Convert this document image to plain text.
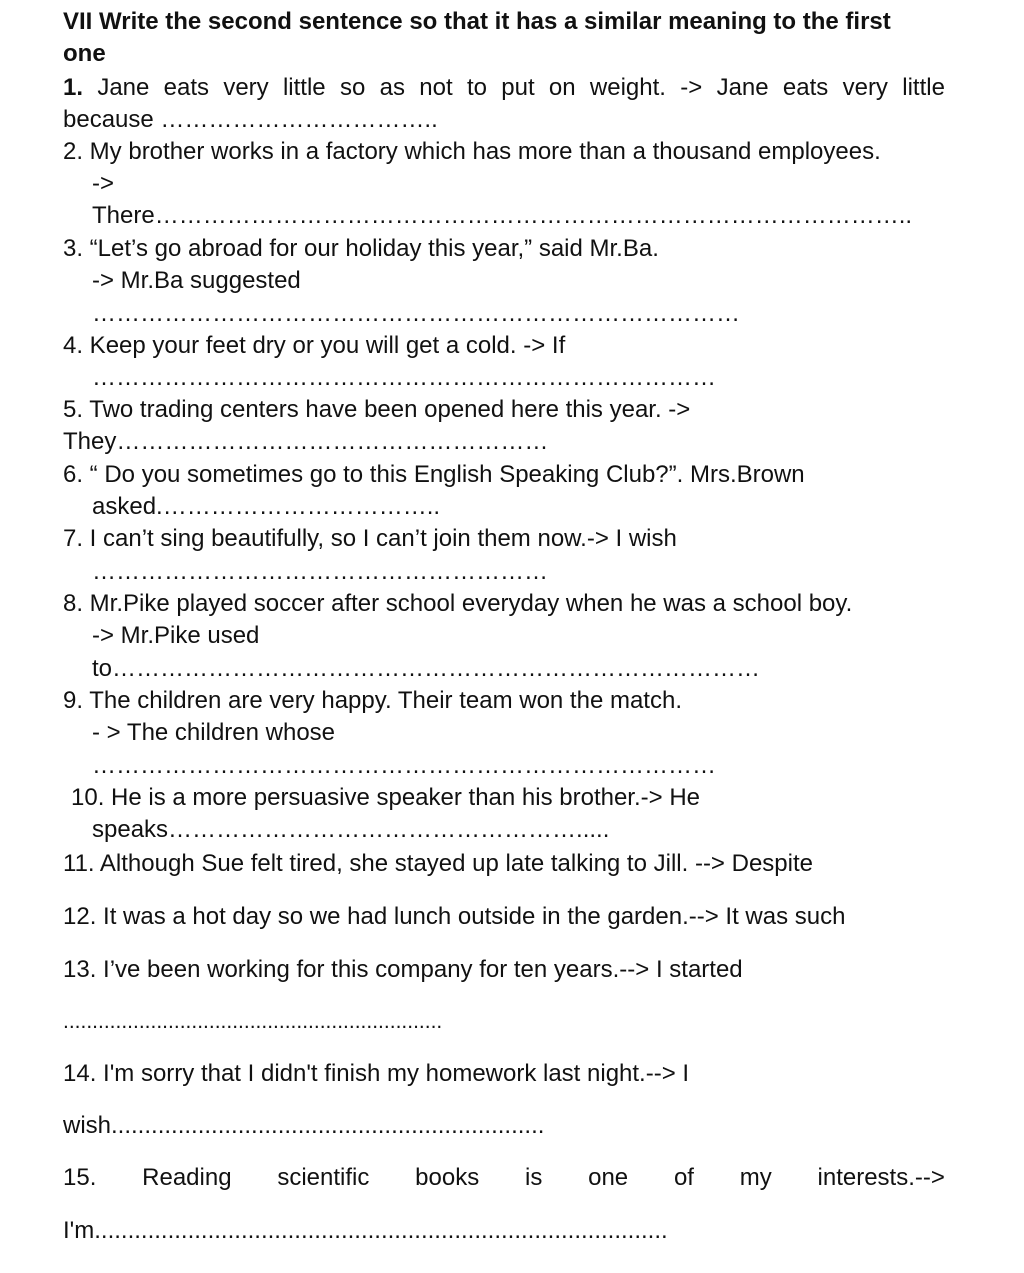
VII Write the second sentence so that it has a similar meaning to the first
one
1. Jane eats very little so as not to put on weight. -> Jane eats very little
because ……………………………..
2. My brother works in a factory which has more than a thousand employees.
->
There…………………………………………………………………………………..
3. “Let’s go abroad for our holiday this year,” said Mr.Ba.
-> Mr.Ba suggested
………………………………………………………………………
4. Keep your feet dry or you will get a cold. -> If
……………………………………………………………………
5. Two trading centers have been opened here this year. ->
They………………………………………………
6. “ Do you sometimes go to this English Speaking Club?”. Mrs.Brown
asked.……………………………..
7. I can’t sing beautifully, so I can’t join them now.-> I wish
…………………………………………………
8. Mr.Pike played soccer after school everyday when he was a school boy.
-> Mr.Pike used
to………………………………………………………………………
9. The children are very happy. Their team won the match.
- > The children whose
……………………………………………………………………
10. He is a more persuasive speaker than his brother.-> He
speaks…………………………………………….....
11. Although Sue felt tired, she stayed up late talking to Jill. --> Despite
12. It was a hot day so we had lunch outside in the garden.--> It was such
13. I’ve been working for this company for ten years.--> I started
.................................................................
14. I'm sorry that I didn't finish my homework last night.--> I
wish.................................................................
15. Reading scientific books is one of my interests.-->
I'm......................................................................................
